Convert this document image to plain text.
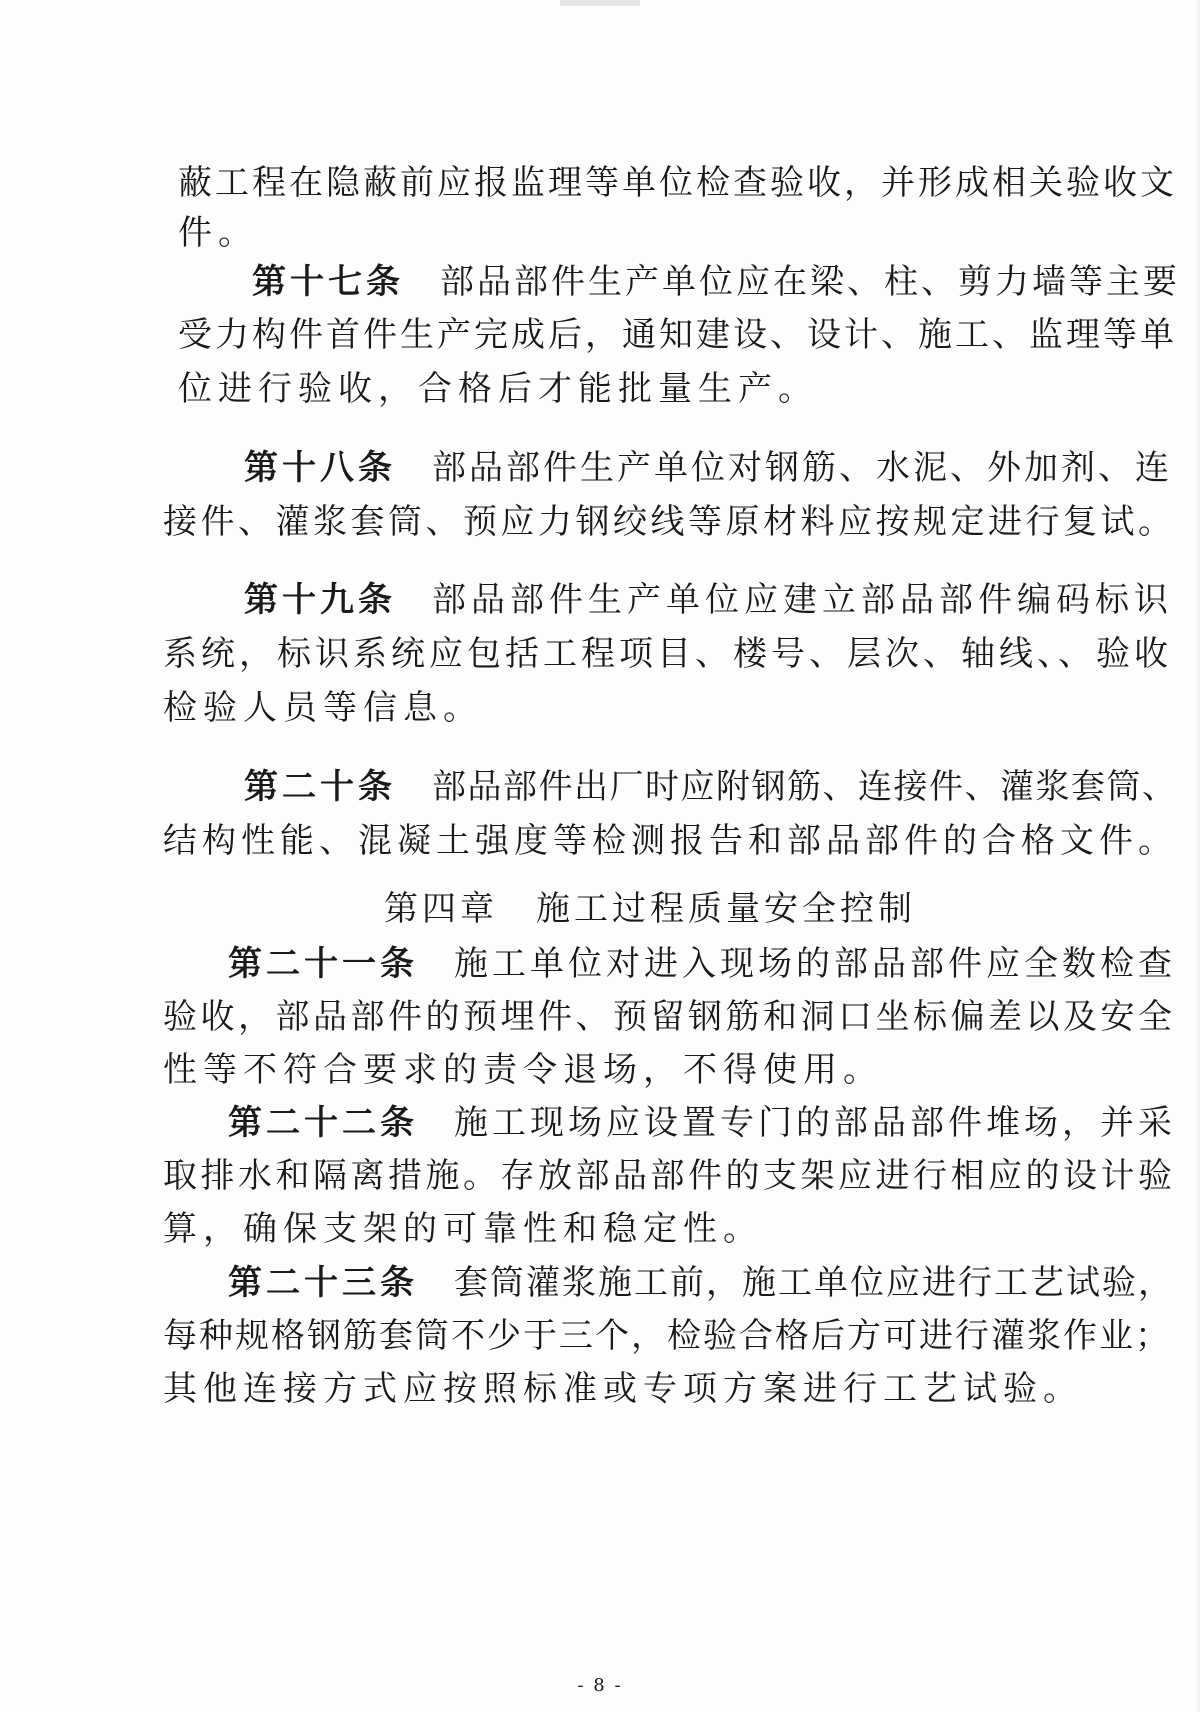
蔽工程在隐蔽前应报监理等单位检查验收，并形成相关验收文
件。
第十七条 部品部件生产单位应在梁、柱、剪力墙等主要
受力构件首件生产完成后，通知建设、设计、施工、监理等单
位进行验收，合格后才能批量生产。
第十八条 部品部件生产单位对钢筋、水泥、外加剂、连
接件、灌浆套筒、预应力钢绞线等原材料应按规定进行复试。
第十九条 部品部件生产单位应建立部品部件编码标识
系统，标识系统应包括工程项目、楼号、层次、轴线、、验收
检验人员等信息。
第二十条 部品部件出厂时应附钢筋、连接件、灌浆套筒、
结构性能、混凝土强度等检测报告和部品部件的合格文件。
第四章　施工过程质量安全控制
第二十一条 施工单位对进入现场的部品部件应全数检查
验收，部品部件的预埋件、预留钢筋和洞口坐标偏差以及安全
性等不符合要求的责令退场，不得使用。
第二十二条 施工现场应设置专门的部品部件堆场，并采
取排水和隔离措施。存放部品部件的支架应进行相应的设计验
算，确保支架的可靠性和稳定性。
第二十三条 套筒灌浆施工前，施工单位应进行工艺试验，
每种规格钢筋套筒不少于三个，检验合格后方可进行灌浆作业；
其他连接方式应按照标准或专项方案进行工艺试验。
- 8 -
